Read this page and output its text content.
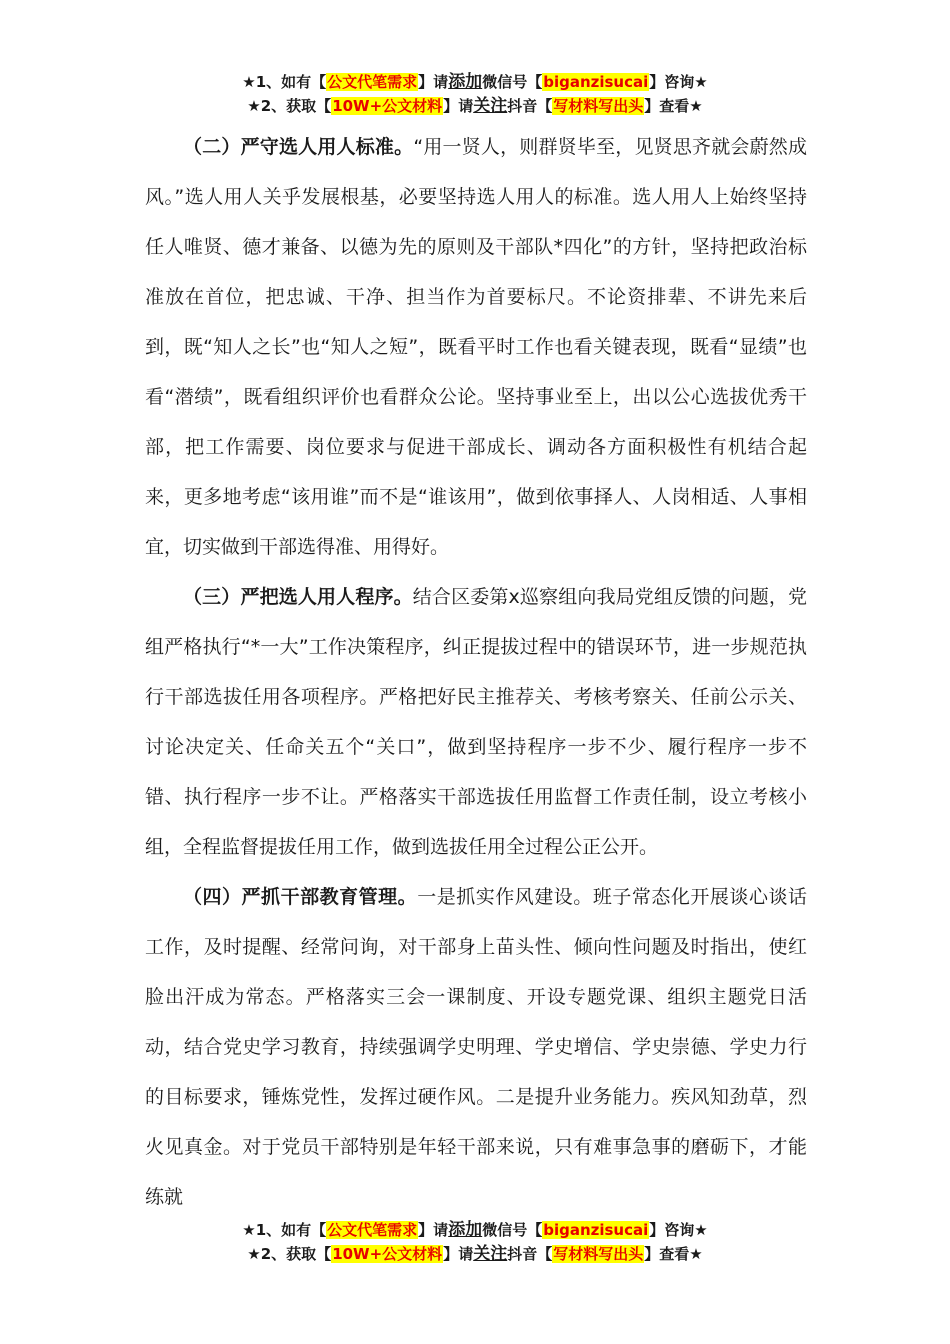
★1、如有【公文代笔需求】请添加微信号【biganzisucai】咨询★
★2、获取【10W+公文材料】请关注抖音【写材料写出头】查看★

（二）严守选人用人标准。“用一贤人，则群贤毕至，见贤思齐就会蔚然成风。”选人用人关乎发展根基，必要坚持选人用人的标准。选人用人上始终坚持任人唯贤、德才兼备、以德为先的原则及干部队*四化”的方针，坚持把政治标准放在首位，把忠诚、干净、担当作为首要标尺。不论资排辈、不讲先来后到，既“知人之长”也“知人之短”，既看平时工作也看关键表现，既看“显绩”也看“潜绩”，既看组织评价也看群众公论。坚持事业至上，出以公心选拔优秀干部，把工作需要、岗位要求与促进干部成长、调动各方面积极性有机结合起来，更多地考虑“该用谁”而不是“谁该用”，做到依事择人、人岗相适、人事相宜，切实做到干部选得准、用得好。

（三）严把选人用人程序。结合区委第x巡察组向我局党组反馈的问题，党组严格执行“*一大”工作决策程序，纠正提拔过程中的错误环节，进一步规范执行干部选拔任用各项程序。严格把好民主推荐关、考核考察关、任前公示关、讨论决定关、任命关五个“关口”，做到坚持程序一步不少、履行程序一步不错、执行程序一步不让。严格落实干部选拔任用监督工作责任制，设立考核小组，全程监督提拔任用工作，做到选拔任用全过程公正公开。

（四）严抓干部教育管理。一是抓实作风建设。班子常态化开展谈心谈话工作，及时提醒、经常问询，对干部身上苗头性、倾向性问题及时指出，使红脸出汗成为常态。严格落实三会一课制度、开设专题党课、组织主题党日活动，结合党史学习教育，持续强调学史明理、学史增信、学史崇德、学史力行的目标要求，锤炼党性，发挥过硬作风。二是提升业务能力。疾风知劲草，烈火见真金。对于党员干部特别是年轻干部来说，只有难事急事的磨砺下，才能练就

★1、如有【公文代笔需求】请添加微信号【biganzisucai】咨询★
★2、获取【10W+公文材料】请关注抖音【写材料写出头】查看★
